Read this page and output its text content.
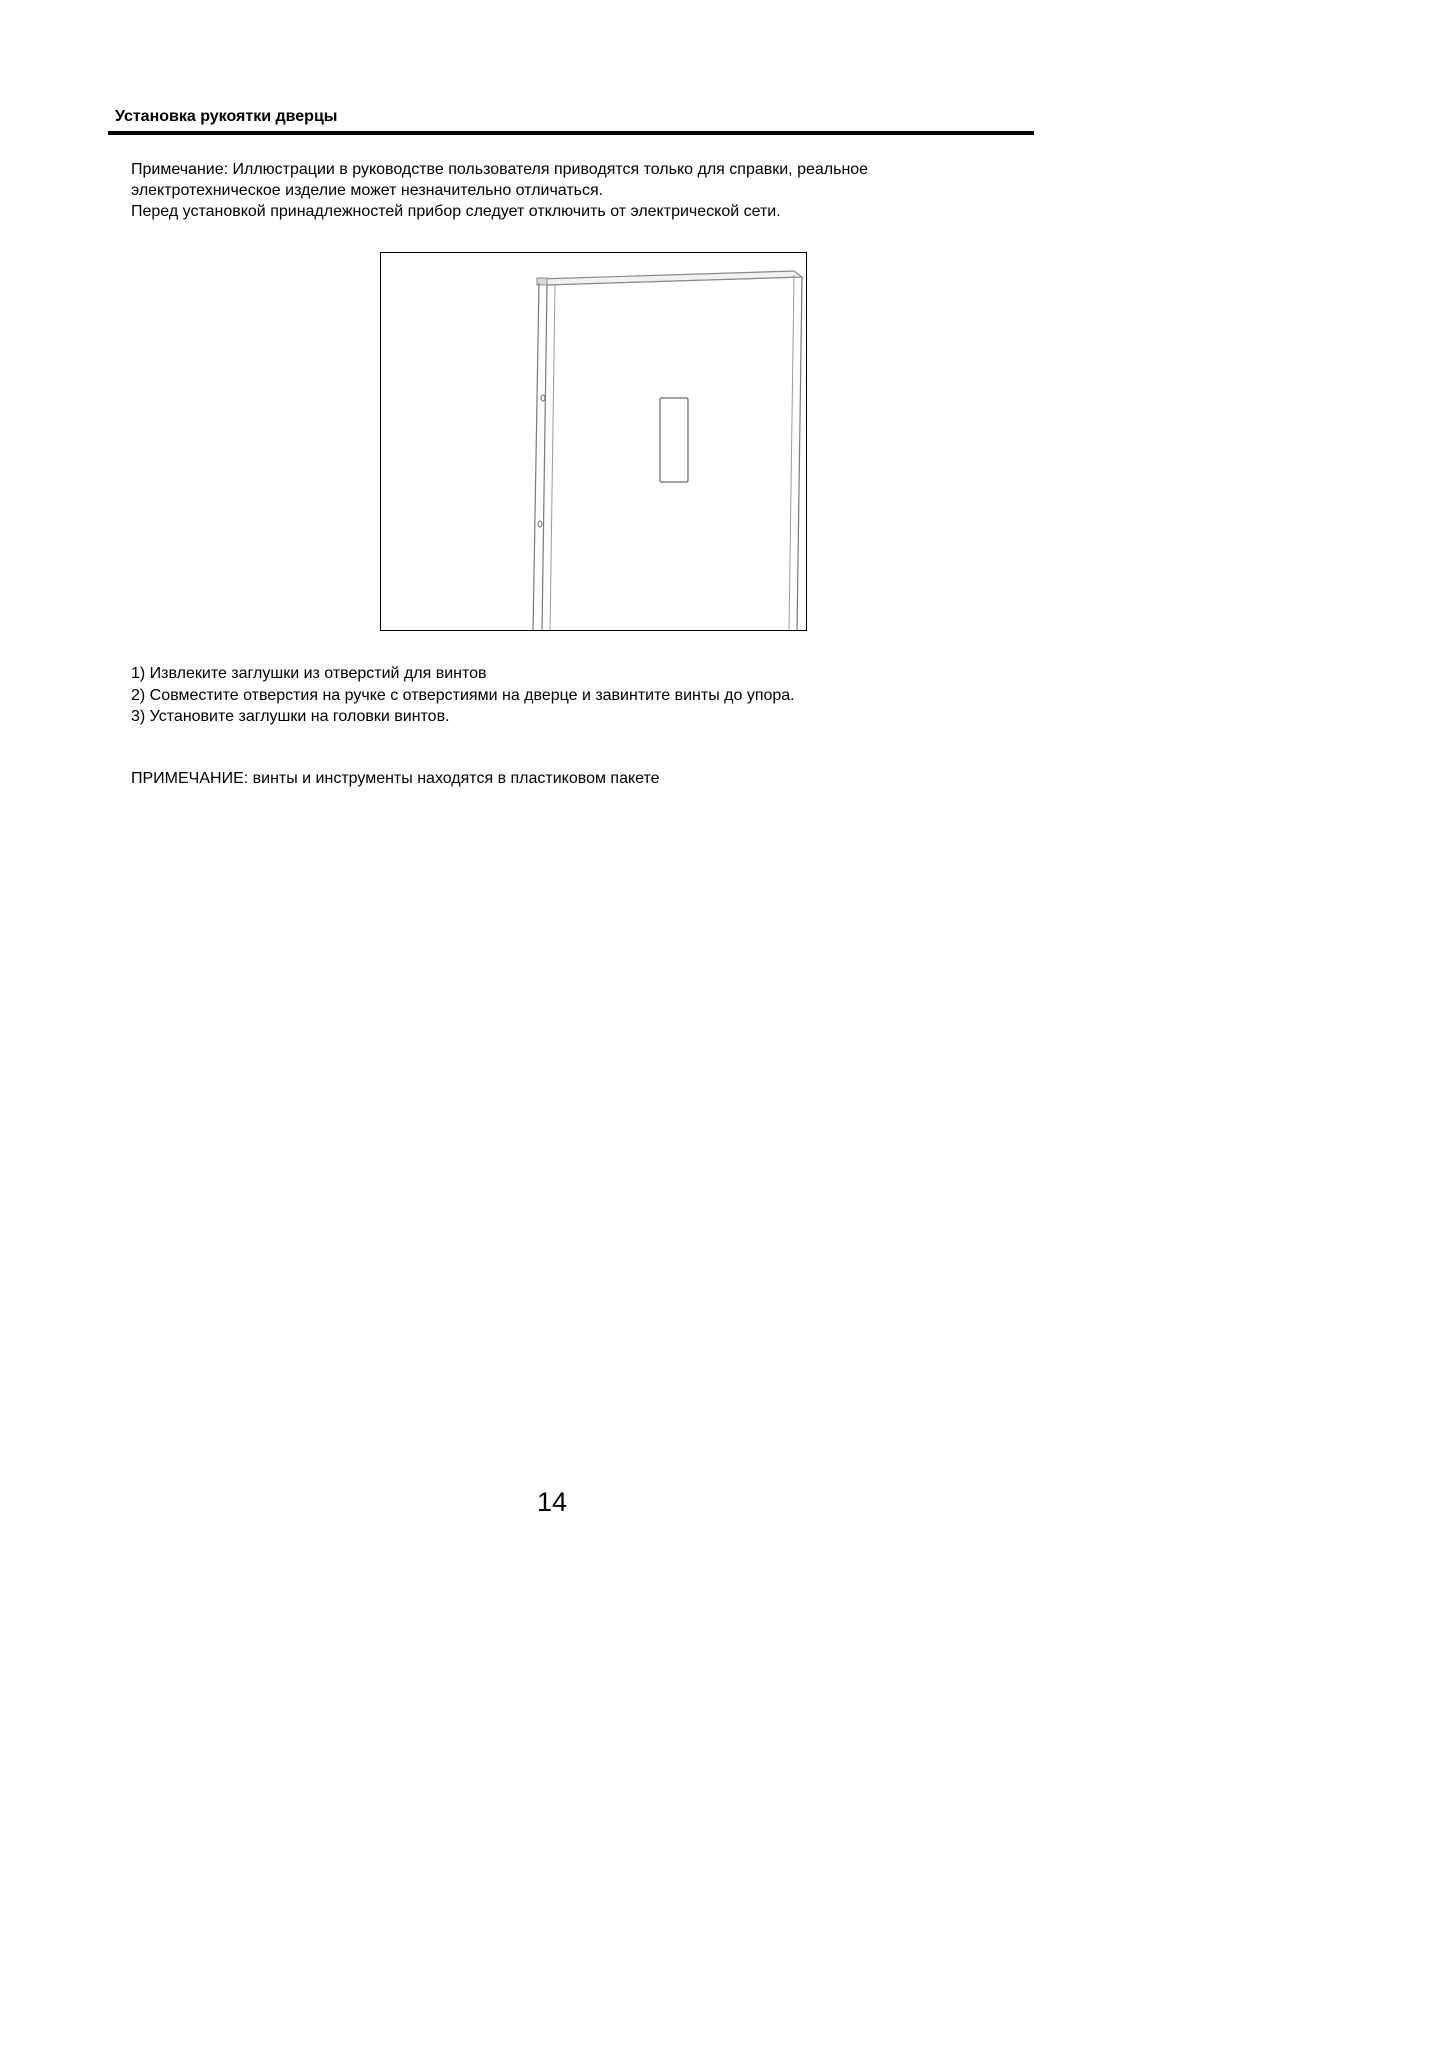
Установка рукоятки дверцы

Примечание: Иллюстрации в руководстве пользователя приводятся только для справки, реальное

электротехническое изделие может незначительно отличаться.

Перед установкой принадлежностей прибор следует отключить от электрической сети.

1) Извлеките заглушки из отверстий для винтов
2) Совместите отверстия на ручке с отверстиями на дверце и завинтите винты до упора.
3) Установите заглушки на головки винтов.

ПРИМЕЧАНИЕ: винты и инструменты находятся в пластиковом пакете

14
